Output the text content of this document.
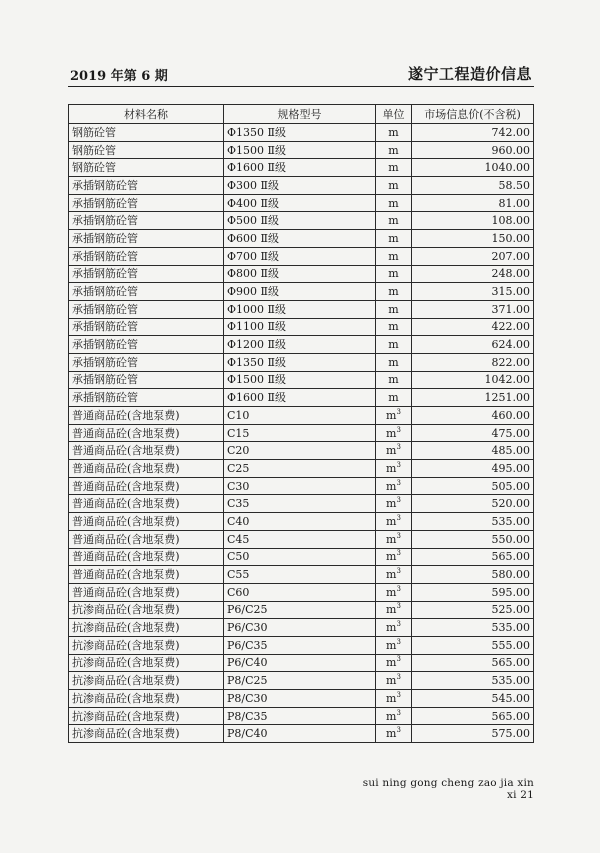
2019 年第 6 期	遂宁工程造价信息
材料名称	规格型号	单位	市场信息价(不含税)
钢筋砼管	Φ1350 Ⅱ级	m	742.00
钢筋砼管	Φ1500 Ⅱ级	m	960.00
钢筋砼管	Φ1600 Ⅱ级	m	1040.00
承插钢筋砼管	Φ300 Ⅱ级	m	58.50
承插钢筋砼管	Φ400 Ⅱ级	m	81.00
承插钢筋砼管	Φ500 Ⅱ级	m	108.00
承插钢筋砼管	Φ600 Ⅱ级	m	150.00
承插钢筋砼管	Φ700 Ⅱ级	m	207.00
承插钢筋砼管	Φ800 Ⅱ级	m	248.00
承插钢筋砼管	Φ900 Ⅱ级	m	315.00
承插钢筋砼管	Φ1000 Ⅱ级	m	371.00
承插钢筋砼管	Φ1100 Ⅱ级	m	422.00
承插钢筋砼管	Φ1200 Ⅱ级	m	624.00
承插钢筋砼管	Φ1350 Ⅱ级	m	822.00
承插钢筋砼管	Φ1500 Ⅱ级	m	1042.00
承插钢筋砼管	Φ1600 Ⅱ级	m	1251.00
普通商品砼(含地泵费)	C10	$m^3$	460.00
普通商品砼(含地泵费)	C15	$m^3$	475.00
普通商品砼(含地泵费)	C20	$m^3$	485.00
普通商品砼(含地泵费)	C25	$m^3$	495.00
普通商品砼(含地泵费)	C30	$m^3$	505.00
普通商品砼(含地泵费)	C35	$m^3$	520.00
普通商品砼(含地泵费)	C40	$m^3$	535.00
普通商品砼(含地泵费)	C45	$m^3$	550.00
普通商品砼(含地泵费)	C50	$m^3$	565.00
普通商品砼(含地泵费)	C55	$m^3$	580.00
普通商品砼(含地泵费)	C60	$m^3$	595.00
抗渗商品砼(含地泵费)	P6/C25	$m^3$	525.00
抗渗商品砼(含地泵费)	P6/C30	$m^3$	535.00
抗渗商品砼(含地泵费)	P6/C35	$m^3$	555.00
抗渗商品砼(含地泵费)	P6/C40	$m^3$	565.00
抗渗商品砼(含地泵费)	P8/C25	$m^3$	535.00
抗渗商品砼(含地泵费)	P8/C30	$m^3$	545.00
抗渗商品砼(含地泵费)	P8/C35	$m^3$	565.00
抗渗商品砼(含地泵费)	P8/C40	$m^3$	575.00
sui ning gong cheng zao jia xin xi 21
